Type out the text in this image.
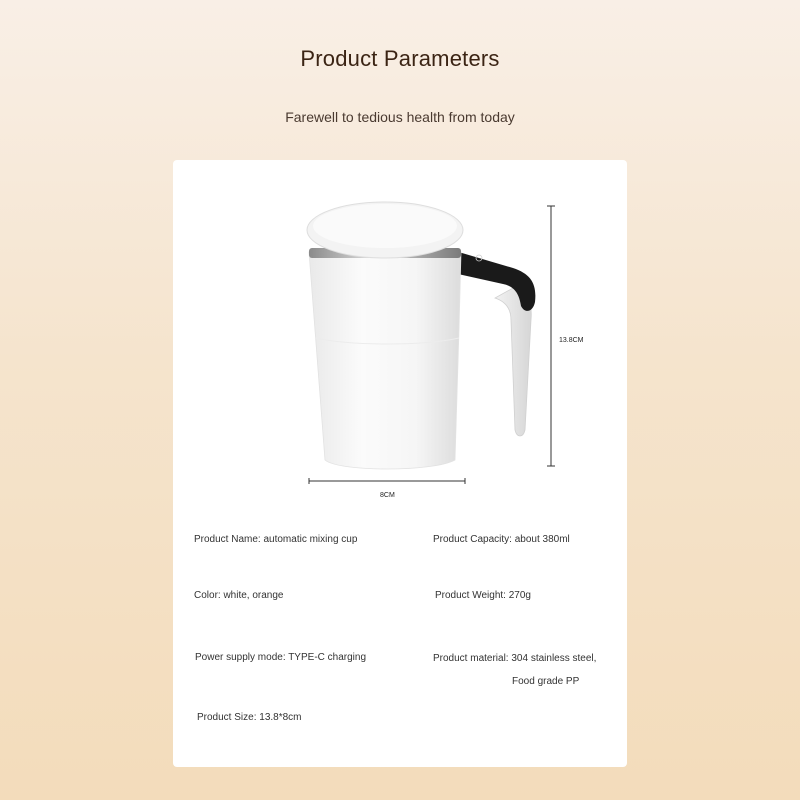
Product Parameters
Farewell to tedious health from today
13.8CM
8CM
Product Name: automatic mixing cup	Product Capacity: about 380ml
Color: white, orange	Product Weight: 270g
Power supply mode: TYPE-C charging	Product material: 304 stainless steel,
Food grade PP
Product Size: 13.8*8cm
